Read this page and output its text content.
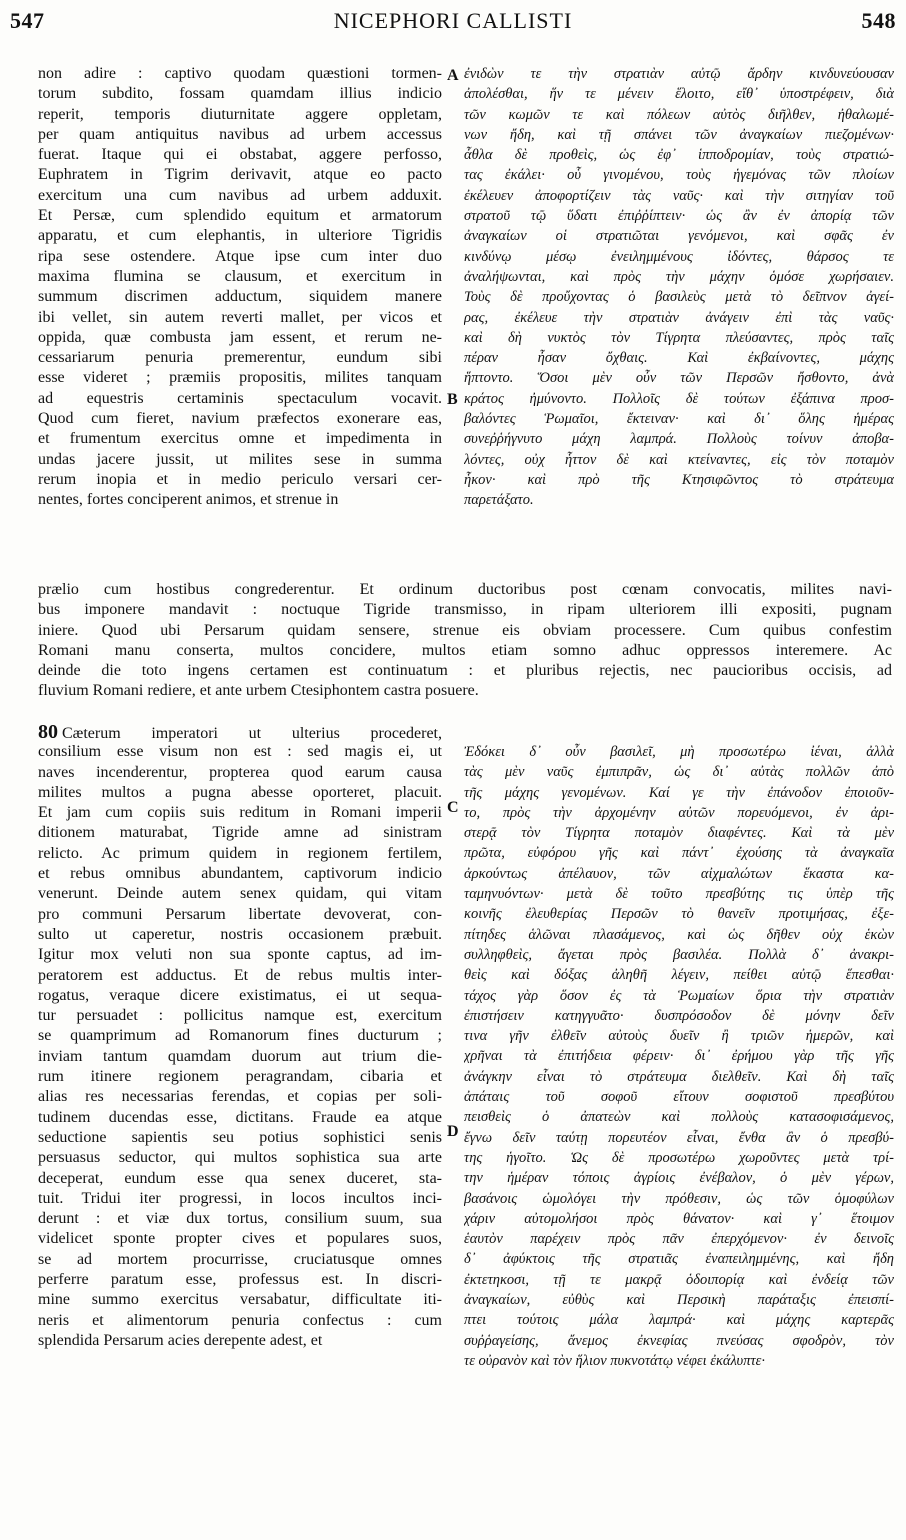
547	NICEPHORI CALLISTI	548
non adire : captivo quodam quæstioni tormen-
torum subdito, fossam quamdam illius indicio
reperit, temporis diuturnitate aggere oppletam,
per quam antiquitus navibus ad urbem accessus
fuerat. Itaque qui ei obstabat, aggere perfosso,
Euphratem in Tigrim derivavit, atque eo pacto
exercitum una cum navibus ad urbem adduxit.
Et Persæ, cum splendido equitum et armatorum
apparatu, et cum elephantis, in ulteriore Tigridis
ripa sese ostendere. Atque ipse cum inter duo
maxima flumina se clausum, et exercitum in
summum discrimen adductum, siquidem manere
ibi vellet, sin autem reverti mallet, per vicos et
oppida, quæ combusta jam essent, et rerum ne-
cessariarum penuria premerentur, eundum sibi
esse videret ; præmiis propositis, milites tanquam
ad equestris certaminis spectaculum vocavit.
Quod cum fieret, navium præfectos exonerare eas,
et frumentum exercitus omne et impedimenta in
undas jacere jussit, ut milites sese in summa
rerum inopia et in medio periculo versari cer-
nentes, fortes conciperent animos, et strenue in
ἐνιδὼν τε τὴν στρατιὰν αὐτῷ ἄρδην κινδυνεύουσαν
ἀπολέσθαι, ἥν τε μένειν ἕλοιτο, εἴθ᾽ ὑποστρέφειν, διὰ
τῶν κωμῶν τε καὶ πόλεων αὐτὸς διῆλθεν, ἠθαλωμέ-
νων ἤδη, καὶ τῇ σπάνει τῶν ἀναγκαίων πιεζομένων·
ἆθλα δὲ προθεὶς, ὡς ἐφ᾽ ἱπποδρομίαν, τοὺς στρατιώ-
τας ἐκάλει· οὗ γινομένου, τοὺς ἡγεμόνας τῶν πλοίων
ἐκέλευεν ἀποφορτίζειν τὰς ναῦς· καὶ τὴν σιτηγίαν τοῦ
στρατοῦ τῷ ὕδατι ἐπιῤῥίπτειν· ὡς ἂν ἐν ἀπορίᾳ τῶν
ἀναγκαίων οἱ στρατιῶται γενόμενοι, καὶ σφᾶς ἐν
κινδύνῳ μέσῳ ἐνειλημμένους ἰδόντες, θάρσος τε
ἀναλήψωνται, καὶ πρὸς τὴν μάχην ὁμόσε χωρήσαιεν.
Τοὺς δὲ προὔχοντας ὁ βασιλεὺς μετὰ τὸ δεῖπνον ἀγεί-
ρας, ἐκέλευε τὴν στρατιὰν ἀνάγειν ἐπὶ τὰς ναῦς·
καὶ δὴ νυκτὸς τὸν Τίγρητα πλεύσαντες, πρὸς ταῖς
πέραν ἦσαν ὄχθαις. Καὶ ἐκβαίνοντες, μάχης
ἥπτοντο. Ὅσοι μὲν οὖν τῶν Περσῶν ἤσθοντο, ἀνὰ
κράτος ἠμύνοντο. Πολλοῖς δὲ τούτων ἐξάπινα προσ-
βαλόντες Ῥωμαῖοι, ἔκτειναν· καὶ δι᾽ ὅλης ἡμέρας
συνεῤῥήγνυτο μάχη λαμπρά. Πολλοὺς τοίνυν ἀποβα-
λόντες, οὐχ ἧττον δὲ καὶ κτείναντες, εἰς τὸν ποταμὸν
ἧκον· καὶ πρὸ τῆς Κτησιφῶντος τὸ στράτευμα
παρετάξατο.
prælio cum hostibus congrederentur. Et ordinum ductoribus post cœnam convocatis, milites navi-
bus imponere mandavit : noctuque Tigride transmisso, in ripam ulteriorem illi expositi, pugnam
iniere. Quod ubi Persarum quidam sensere, strenue eis obviam processere. Cum quibus confestim
Romani manu conserta, multos concidere, multos etiam somno adhuc oppressos interemere. Ac
deinde die toto ingens certamen est continuatum : et pluribus rejectis, nec paucioribus occisis, ad
fluvium Romani rediere, et ante urbem Ctesiphontem castra posuere.
80 Cæterum imperatori ut ulterius procederet,
consilium esse visum non est : sed magis ei, ut
naves incenderentur, propterea quod earum causa
milites multos a pugna abesse oporteret, placuit.
Et jam cum copiis suis reditum in Romani imperii
ditionem maturabat, Tigride amne ad sinistram
relicto. Ac primum quidem in regionem fertilem,
et rebus omnibus abundantem, captivorum indicio
venerunt. Deinde autem senex quidam, qui vitam
pro communi Persarum libertate devoverat, con-
sulto ut caperetur, nostris occasionem præbuit.
Igitur mox veluti non sua sponte captus, ad im-
peratorem est adductus. Et de rebus multis inter-
rogatus, veraque dicere existimatus, ei ut sequa-
tur persuadet : pollicitus namque est, exercitum
se quamprimum ad Romanorum fines ducturum ;
inviam tantum quamdam duorum aut trium die-
rum itinere regionem peragrandam, cibaria et
alias res necessarias ferendas, et copias per soli-
tudinem ducendas esse, dictitans. Fraude ea atque
seductione sapientis seu potius sophistici senis
persuasus seductor, qui multos sophistica sua arte
deceperat, eundum esse qua senex duceret, sta-
tuit. Tridui iter progressi, in locos incultos inci-
derunt : et viæ dux tortus, consilium suum, sua
videlicet sponte propter cives et populares suos,
se ad mortem procurrisse, cruciatusque omnes
perferre paratum esse, professus est. In discri-
mine summo exercitus versabatur, difficultate iti-
neris et alimentorum penuria confectus : cum
splendida Persarum acies derepente adest, et
Ἐδόκει δ᾽ οὖν βασιλεῖ, μὴ προσωτέρω ἰέναι, ἀλλὰ
τὰς μὲν ναῦς ἐμπιπρᾶν, ὡς δι᾽ αὐτὰς πολλῶν ἀπὸ
τῆς μάχης γενομένων. Καί γε τὴν ἐπάνοδον ἐποιοῦν-
το, πρὸς τὴν ἀρχομένην αὐτῶν πορευόμενοι, ἐν ἀρι-
στερᾷ τὸν Τίγρητα ποταμὸν διαφέντες. Καὶ τὰ μὲν
πρῶτα, εὐφόρου γῆς καὶ πάντ᾽ ἐχούσης τὰ ἀναγκαῖα
ἀρκούντως ἀπέλαυον, τῶν αἰχμαλώτων ἕκαστα κα-
ταμηνυόντων· μετὰ δὲ τοῦτο πρεσβύτης τις ὑπὲρ τῆς
κοινῆς ἐλευθερίας Περσῶν τὸ θανεῖν προτιμήσας, ἐξε-
πίτηδες ἁλῶναι πλασάμενος, καὶ ὡς δῆθεν οὐχ ἑκὼν
συλληφθεὶς, ἄγεται πρὸς βασιλέα. Πολλὰ δ᾽ ἀνακρι-
θεὶς καὶ δόξας ἀληθῆ λέγειν, πείθει αὐτῷ ἕπεσθαι·
τάχος γὰρ ὅσον ἐς τὰ Ῥωμαίων ὅρια τὴν στρατιὰν
ἐπιστήσειν κατηγγυᾶτο· δυσπρόσοδον δὲ μόνην δεῖν
τινα γῆν ἐλθεῖν αὐτοὺς δυεῖν ἢ τριῶν ἡμερῶν, καὶ
χρῆναι τὰ ἐπιτήδεια φέρειν· δι᾽ ἐρήμου γὰρ τῆς γῆς
ἀνάγκην εἶναι τὸ στράτευμα διελθεῖν. Καὶ δὴ ταῖς
ἀπάταις τοῦ σοφοῦ εἴτουν σοφιστοῦ πρεσβύτου
πεισθεὶς ὁ ἀπατεὼν καὶ πολλοὺς κατασοφισάμενος,
ἔγνω δεῖν ταύτῃ πορευτέον εἶναι, ἔνθα ἂν ὁ πρεσβύ-
της ἡγοῖτο. Ὡς δὲ προσωτέρω χωροῦντες μετὰ τρί-
την ἡμέραν τόποις ἀγρίοις ἐνέβαλον, ὁ μὲν γέρων,
βασάνοις ὡμολόγει τὴν πρόθεσιν, ὡς τῶν ὁμοφύλων
χάριν αὐτομολήσοι πρὸς θάνατον· καὶ γ᾽ ἕτοιμον
ἑαυτὸν παρέχειν πρὸς πᾶν ἐπερχόμενον· ἐν δεινοῖς
δ᾽ ἀφύκτοις τῆς στρατιᾶς ἐναπειλημμένης, καὶ ἤδη
ἐκτετηκοσι, τῇ τε μακρᾷ ὁδοιπορίᾳ καὶ ἐνδείᾳ τῶν
ἀναγκαίων, εὐθὺς καὶ Περσικὴ παράταξις ἐπεισπί-
πτει τούτοις μάλα λαμπρά· καὶ μάχης καρτερᾶς
συῤῥαγείσης, ἄνεμος ἐκνεφίας πνεύσας σφοδρὸν, τὸν
τε οὐρανὸν καὶ τὸν ἥλιον πυκνοτάτῳ νέφει ἐκάλυπτε·
A
B
C
D
